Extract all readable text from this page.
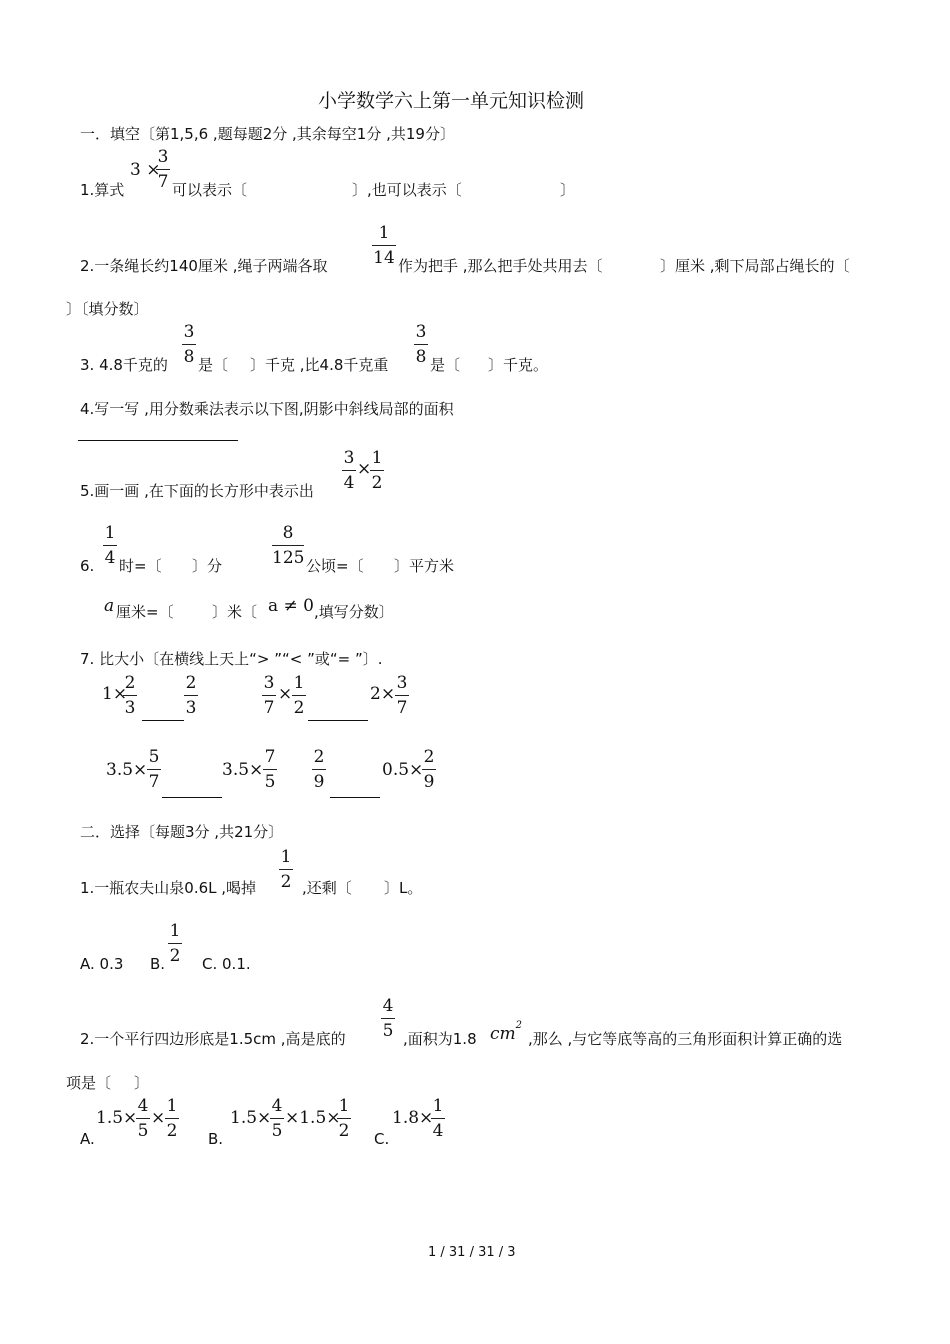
小学数学六上第一单元知识检测
一．填空〔第1,5,6 ,题每题2分 ,其余每空1分 ,共19分〕
3 ×
3
7
1.算式	可以表示〔	〕,也可以表示〔	〕
2.一条绳长约140厘米 ,绳子两端各取
1
14 作为把手 ,那么把手处共用去〔	〕厘米 ,剩下局部占绳长的〔
〕〔填分数〕
3. 4.8千克的
3
8 是〔 〕千克 ,比4.8千克重
3
8 是〔 〕千克。
4.写一写 ,用分数乘法表示以下图,阴影中斜线局部的面积
5.画一画 ,在下面的长方形中表示出
3
4
×
1
2
6.
1
4 时=〔 〕分
8
125 公顷=〔 〕平方米
a 厘米=〔	〕米〔 a ≠ 0 ,填写分数〕
7. 比大小〔在横线上天上“> ”“< ”或“= ”〕.
1×
2
3
2
3
3
7
×
1
2
2×
3
7
3.5×
5
7
3.5×
7
5
2
9
0.5×
2
9
二．选择〔每题3分 ,共21分〕
1.一瓶农夫山泉0.6L ,喝掉
1
2 ,还剩〔 〕L。
A. 0.3 B.
1
2 C. 0.1.
2.一个平行四边形底是1.5cm ,高是底的
4
5 ,面积为1.8 $cm^2$
,那么 ,与它等底等高的三角形面积计算正确的选
项是〔 〕
A.
1.5×
4
5
×
1
2 B.
1.5×
4
5
×1.5×
1
2 C.
1.8×
1
4
1 / 31 / 31 / 3
